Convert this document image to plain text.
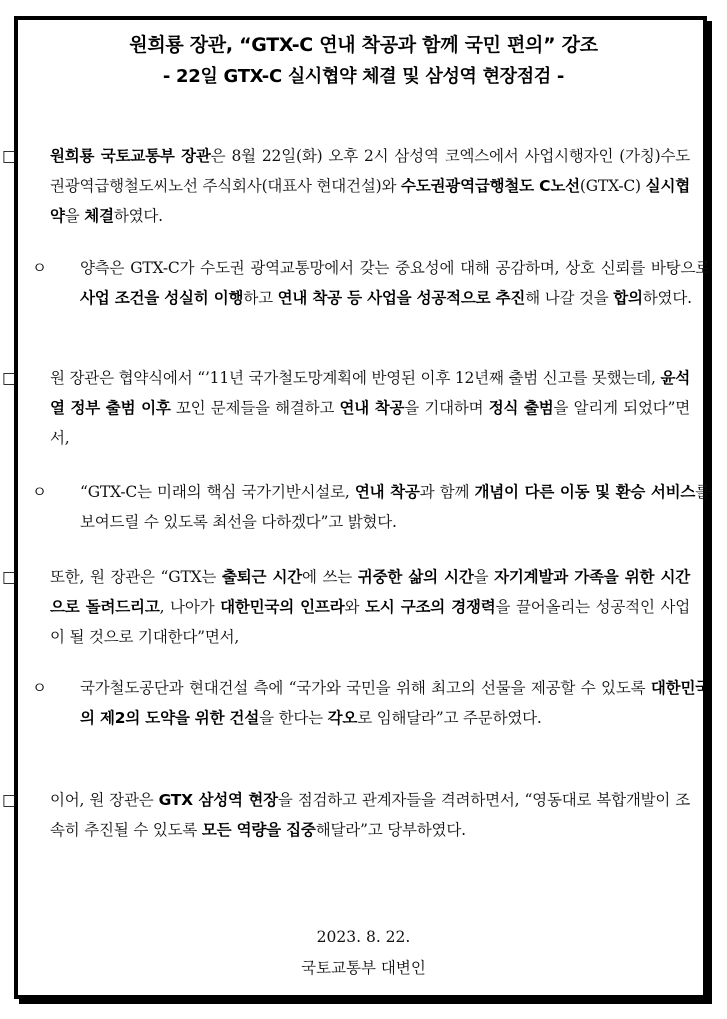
원희룡 장관, “GTX-C 연내 착공과 함께 국민 편의” 강조
- 22일 GTX-C 실시협약 체결 및 삼성역 현장점검 -
□ 원희룡 국토교통부 장관은 8월 22일(화) 오후 2시 삼성역 코엑스에서 사업시행자인 (가칭)수도권광역급행철도씨노선 주식회사(대표사 현대건설)와 수도권광역급행철도 C노선(GTX-C) 실시협약을 체결하였다.
ㅇ 양측은 GTX-C가 수도권 광역교통망에서 갖는 중요성에 대해 공감하며, 상호 신뢰를 바탕으로 사업 조건을 성실히 이행하고 연내 착공 등 사업을 성공적으로 추진해 나갈 것을 합의하였다.
□ 원 장관은 협약식에서 “’11년 국가철도망계획에 반영된 이후 12년째 출범 신고를 못했는데, 윤석열 정부 출범 이후 꼬인 문제들을 해결하고 연내 착공을 기대하며 정식 출범을 알리게 되었다”면서,
ㅇ “GTX-C는 미래의 핵심 국가기반시설로, 연내 착공과 함께 개념이 다른 이동 및 환승 서비스를 보여드릴 수 있도록 최선을 다하겠다”고 밝혔다.
□ 또한, 원 장관은 “GTX는 출퇴근 시간에 쓰는 귀중한 삶의 시간을 자기계발과 가족을 위한 시간으로 돌려드리고, 나아가 대한민국의 인프라와 도시 구조의 경쟁력을 끌어올리는 성공적인 사업이 될 것으로 기대한다”면서,
ㅇ 국가철도공단과 현대건설 측에 “국가와 국민을 위해 최고의 선물을 제공할 수 있도록 대한민국의 제2의 도약을 위한 건설을 한다는 각오로 임해달라”고 주문하였다.
□ 이어, 원 장관은 GTX 삼성역 현장을 점검하고 관계자들을 격려하면서, “영동대로 복합개발이 조속히 추진될 수 있도록 모든 역량을 집중해달라”고 당부하였다.
2023. 8. 22.
국토교통부 대변인
